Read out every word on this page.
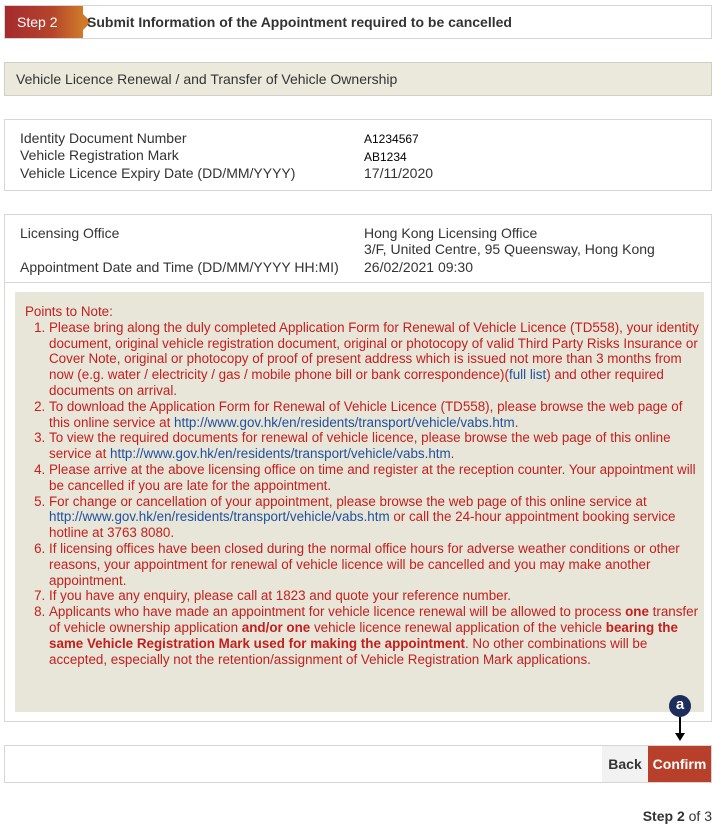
Step 2	Submit Information of the Appointment required to be cancelled
Vehicle Licence Renewal / and Transfer of Vehicle Ownership
Identity Document Number	A1234567
Vehicle Registration Mark	AB1234
Vehicle Licence Expiry Date (DD/MM/YYYY)	17/11/2020
Licensing Office	Hong Kong Licensing Office
3/F, United Centre, 95 Queensway, Hong Kong
Appointment Date and Time (DD/MM/YYYY HH:MI) 26/02/2021 09:30
Points to Note:
1. Please bring along the duly completed Application Form for Renewal of Vehicle Licence (TD558), your identity document, original vehicle registration document, original or photocopy of valid Third Party Risks Insurance or Cover Note, original or photocopy of proof of present address which is issued not more than 3 months from now (e.g. water / electricity / gas / mobile phone bill or bank correspondence)(full list) and other required documents on arrival.
2. To download the Application Form for Renewal of Vehicle Licence (TD558), please browse the web page of this online service at http://www.gov.hk/en/residents/transport/vehicle/vabs.htm.
3. To view the required documents for renewal of vehicle licence, please browse the web page of this online service at http://www.gov.hk/en/residents/transport/vehicle/vabs.htm.
4. Please arrive at the above licensing office on time and register at the reception counter. Your appointment will be cancelled if you are late for the appointment.
5. For change or cancellation of your appointment, please browse the web page of this online service at http://www.gov.hk/en/residents/transport/vehicle/vabs.htm or call the 24-hour appointment booking service hotline at 3763 8080.
6. If licensing offices have been closed during the normal office hours for adverse weather conditions or other reasons, your appointment for renewal of vehicle licence will be cancelled and you may make another appointment.
7. If you have any enquiry, please call at 1823 and quote your reference number.
8. Applicants who have made an appointment for vehicle licence renewal will be allowed to process one transfer of vehicle ownership application and/or one vehicle licence renewal application of the vehicle bearing the same Vehicle Registration Mark used for making the appointment. No other combinations will be accepted, especially not the retention/assignment of Vehicle Registration Mark applications.
a
Back Confirm
Step 2 of 3
